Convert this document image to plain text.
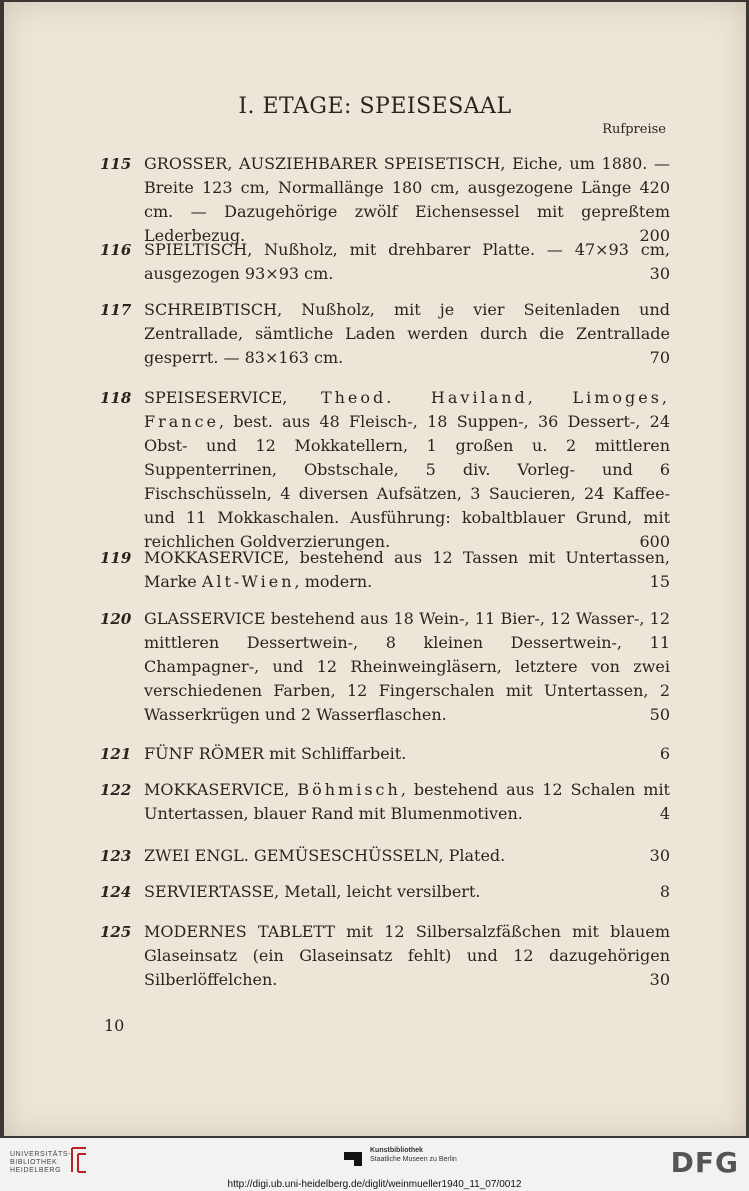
I. ETAGE: SPEISESAAL
Rufpreise
115 GROSSER, AUSZIEHBARER SPEISETISCH, Eiche, um 1880. — Breite 123 cm, Normallänge 180 cm, ausgezogene Länge 420 cm. — Dazugehörige zwölf Eichensessel mit gepreßtem Lederbezug.	200
116 SPIELTISCH, Nußholz, mit drehbarer Platte. — 47×93 cm, ausgezogen 93×93 cm.	30
117 SCHREIBTISCH, Nußholz, mit je vier Seitenladen und Zentrallade, sämtliche Laden werden durch die Zentrallade gesperrt. — 83×163 cm.	70
118 SPEISESERVICE, Theod. Haviland, Limoges, France, best. aus 48 Fleisch-, 18 Suppen-, 36 Dessert-, 24 Obst- und 12 Mokkatellern, 1 großen u. 2 mittleren Suppenterrinen, Obstschale, 5 div. Vorleg- und 6 Fischschüsseln, 4 diversen Aufsätzen, 3 Saucieren, 24 Kaffee- und 11 Mokkaschalen. Ausführung: kobaltblauer Grund, mit reichlichen Goldverzierungen.	600
119 MOKKASERVICE, bestehend aus 12 Tassen mit Untertassen, Marke Alt-Wien, modern.	15
120 GLASSERVICE bestehend aus 18 Wein-, 11 Bier-, 12 Wasser-, 12 mittleren Dessertwein-, 8 kleinen Dessertwein-, 11 Champagner-, und 12 Rheinweingläsern, letztere von zwei verschiedenen Farben, 12 Fingerschalen mit Untertassen, 2 Wasserkrügen und 2 Wasserflaschen.	50
121 FÜNF RÖMER mit Schliffarbeit.	6
122 MOKKASERVICE, Böhmisch, bestehend aus 12 Schalen mit Untertassen, blauer Rand mit Blumenmotiven.	4
123 ZWEI ENGL. GEMÜSESCHÜSSELN, Plated.	30
124 SERVIERTASSE, Metall, leicht versilbert.	8
125 MODERNES TABLETT mit 12 Silbersalzfäßchen mit blauem Glaseinsatz (ein Glaseinsatz fehlt) und 12 dazugehörigen Silberlöffelchen.	30
10
UNIVERSITÄTS-
BIBLIOTHEK
HEIDELBERG
Kunstbibliothek
Staatliche Museen zu Berlin	DFG
http://digi.ub.uni-heidelberg.de/diglit/weinmueller1940_11_07/0012
